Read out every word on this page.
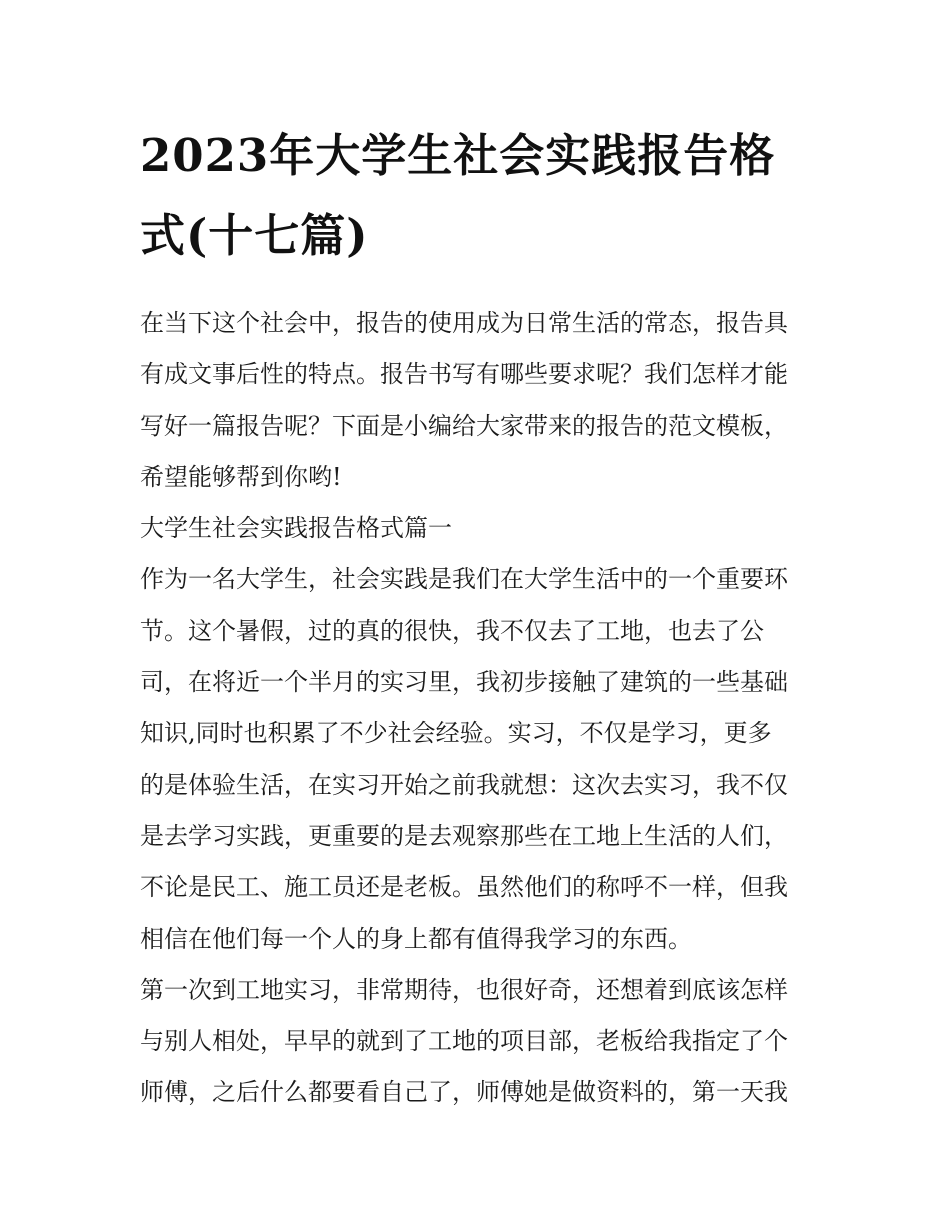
2023年大学生社会实践报告格
式(十七篇)
在当下这个社会中，报告的使用成为日常生活的常态，报告具
有成文事后性的特点。报告书写有哪些要求呢？我们怎样才能
写好一篇报告呢？下面是小编给大家带来的报告的范文模板，
希望能够帮到你哟!
大学生社会实践报告格式篇一
作为一名大学生，社会实践是我们在大学生活中的一个重要环
节。这个暑假，过的真的很快，我不仅去了工地，也去了公
司，在将近一个半月的实习里，我初步接触了建筑的一些基础
知识,同时也积累了不少社会经验。实习，不仅是学习，更多
的是体验生活，在实习开始之前我就想：这次去实习，我不仅
是去学习实践，更重要的是去观察那些在工地上生活的人们，
不论是民工、施工员还是老板。虽然他们的称呼不一样，但我
相信在他们每一个人的身上都有值得我学习的东西。
第一次到工地实习，非常期待，也很好奇，还想着到底该怎样
与别人相处，早早的就到了工地的项目部，老板给我指定了个
师傅，之后什么都要看自己了，师傅她是做资料的，第一天我
